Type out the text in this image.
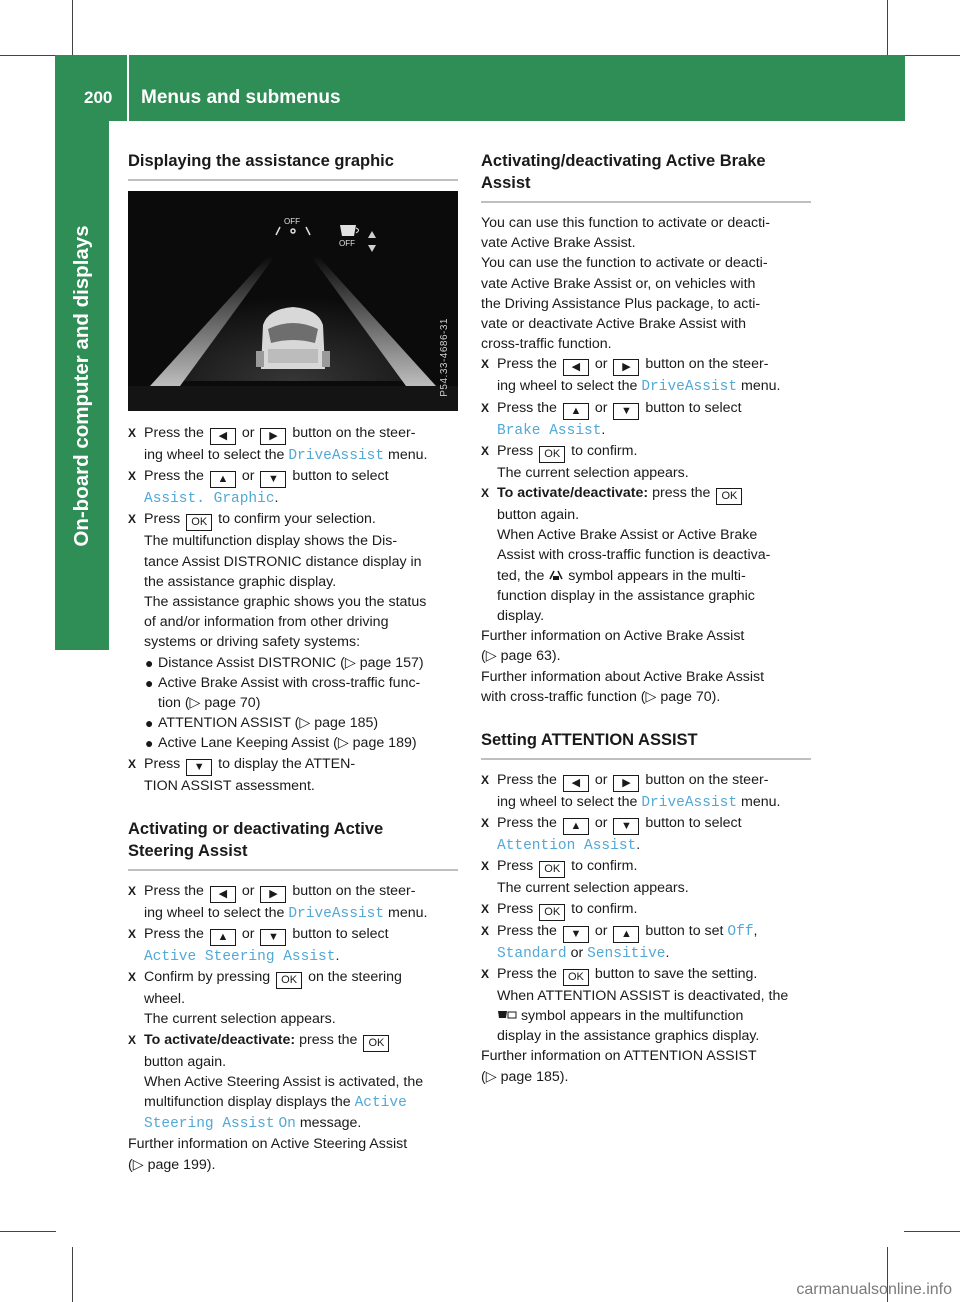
200 Menus and submenus
On-board computer and displays
Displaying the assistance graphic
OFF
OFF
P54.33-4686-31
X Press the ◀ or ▶ button on the steer-
ing wheel to select the DriveAssist menu.
X Press the ▲ or ▼ button to select
Assist. Graphic.
X Press OK to confirm your selection.
The multifunction display shows the Dis-
tance Assist DISTRONIC distance display in
the assistance graphic display.
The assistance graphic shows you the status
of and/or information from other driving
systems or driving safety systems:
● Distance Assist DISTRONIC (▷ page 157)
● Active Brake Assist with cross-traffic func-
tion (▷ page 70)
● ATTENTION ASSIST (▷ page 185)
● Active Lane Keeping Assist (▷ page 189)
X Press ▼ to display the ATTEN-
TION ASSIST assessment.
Activating or deactivating Active
Steering Assist
X Press the ◀ or ▶ button on the steer-
ing wheel to select the DriveAssist menu.
X Press the ▲ or ▼ button to select
Active Steering Assist.
X Confirm by pressing OK on the steering
wheel.
The current selection appears.
X To activate/deactivate: press the OK
button again.
When Active Steering Assist is activated, the
multifunction display displays the Active
Steering Assist On message.

Further information on Active Steering Assist
(▷ page 199).

Activating/deactivating Active Brake
Assist

You can use this function to activate or deacti-
vate Active Brake Assist.

You can use the function to activate or deacti-
vate Active Brake Assist or, on vehicles with
the Driving Assistance Plus package, to acti-
vate or deactivate Active Brake Assist with
cross-traffic function.

X Press the ◀ or ▶ button on the steer-
ing wheel to select the DriveAssist menu.
X Press the ▲ or ▼ button to select
Brake Assist.
X Press OK to confirm.
The current selection appears.
X To activate/deactivate: press the OK
button again.
When Active Brake Assist or Active Brake
Assist with cross-traffic function is deactiva-
ted, the symbol appears in the multi-
function display in the assistance graphic
display.

Further information on Active Brake Assist
(▷ page 63).

Further information about Active Brake Assist
with cross-traffic function (▷ page 70).

Setting ATTENTION ASSIST
X Press the ◀ or ▶ button on the steer-
ing wheel to select the DriveAssist menu.
X Press the ▲ or ▼ button to select
Attention Assist.
X Press OK to confirm.
The current selection appears.
X Press OK to confirm.
X Press the ▼ or ▲ button to set Off,
Standard or Sensitive.
X Press the OK button to save the setting.
When ATTENTION ASSIST is deactivated, the
symbol appears in the multifunction
display in the assistance graphics display.

Further information on ATTENTION ASSIST
(▷ page 185).

carmanualsonline.info
